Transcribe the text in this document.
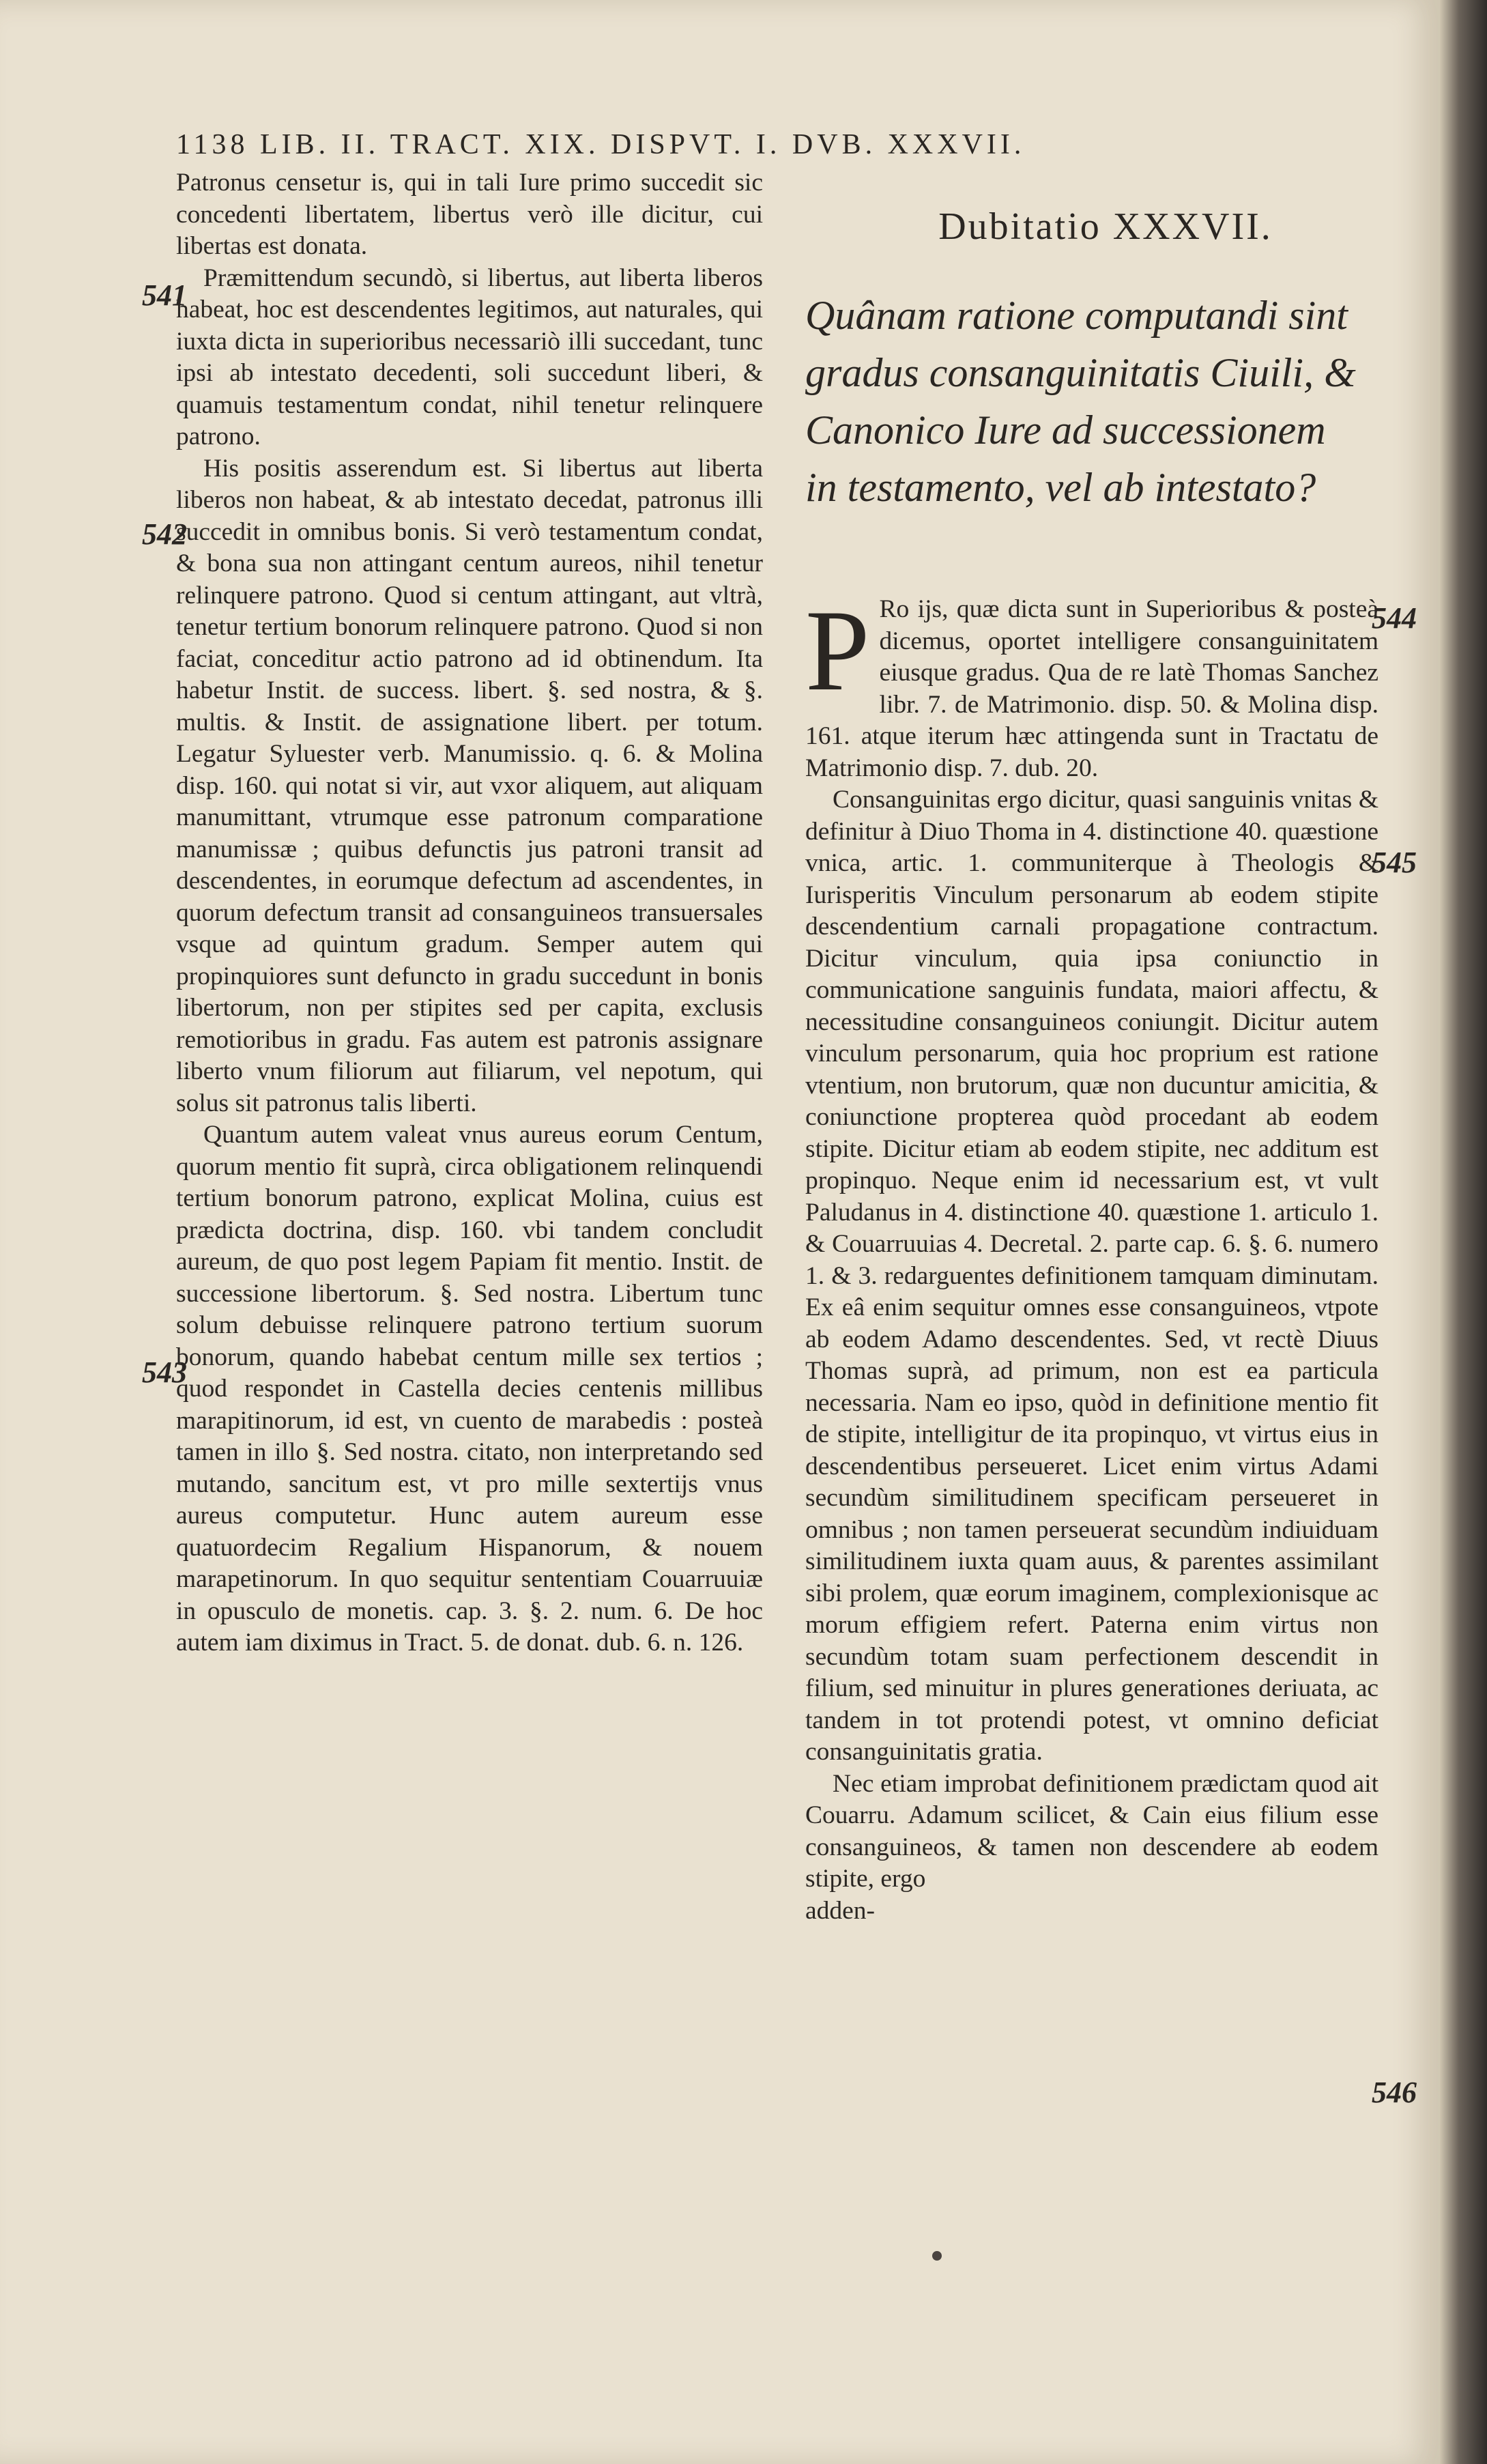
1138 LIB. II. TRACT. XIX. DISPVT. I. DVB. XXXVII.

Patronus censetur is, qui in tali Iure primo succedit sic concedenti libertatem, libertus verò ille dicitur, cui libertas est donata.

Præmittendum secundò, si libertus, aut liberta liberos habeat, hoc est descendentes legitimos, aut naturales, qui iuxta dicta in superioribus necessariò illi succedant, tunc ipsi ab intestato decedenti, soli succedunt liberi, & quamuis testamentum condat, nihil tenetur relinquere patrono.

His positis asserendum est. Si libertus aut liberta liberos non habeat, & ab intestato decedat, patronus illi succedit in omnibus bonis. Si verò testamentum condat, & bona sua non attingant centum aureos, nihil tenetur relinquere patrono. Quod si centum attingant, aut vltrà, tenetur tertium bonorum relinquere patrono. Quod si non faciat, conceditur actio patrono ad id obtinendum. Ita habetur Instit. de success. libert. §. sed nostra, & §. multis. & Instit. de assignatione libert. per totum. Legatur Syluester verb. Manumissio. q. 6. & Molina disp. 160. qui notat si vir, aut vxor aliquem, aut aliquam manumittant, vtrumque esse patronum comparatione manumissæ ; quibus defunctis jus patroni transit ad descendentes, in eorumque defectum ad ascendentes, in quorum defectum transit ad consanguineos transuersales vsque ad quintum gradum. Semper autem qui propinquiores sunt defuncto in gradu succedunt in bonis libertorum, non per stipites sed per capita, exclusis remotioribus in gradu. Fas autem est patronis assignare liberto vnum filiorum aut filiarum, vel nepotum, qui solus sit patronus talis liberti.

Quantum autem valeat vnus aureus eorum Centum, quorum mentio fit suprà, circa obligationem relinquendi tertium bonorum patrono, explicat Molina, cuius est prædicta doctrina, disp. 160. vbi tandem concludit aureum, de quo post legem Papiam fit mentio. Instit. de successione libertorum. §. Sed nostra. Libertum tunc solum debuisse relinquere patrono tertium suorum bonorum, quando habebat centum mille sex tertios ; quod respondet in Castella decies centenis millibus marapitinorum, id est, vn cuento de marabedis : posteà tamen in illo §. Sed nostra. citato, non interpretando sed mutando, sancitum est, vt pro mille sextertijs vnus aureus computetur. Hunc autem aureum esse quatuordecim Regalium Hispanorum, & nouem marapetinorum. In quo sequitur sententiam Couarruuiæ in opusculo de monetis. cap. 3. §. 2. num. 6. De hoc autem iam diximus in Tract. 5. de donat. dub. 6. n. 126.

541
542
543
Dubitatio XXXVII.
Quânam ratione computandi sint gradus consanguinitatis Ciuili, & Canonico Iure ad successionem in testamento, vel ab intestato?

P Ro ijs, quæ dicta sunt in Superioribus & posteà dicemus, oportet intelligere consanguinitatem eiusque gradus. Qua de re latè Thomas Sanchez libr. 7. de Matrimonio. disp. 50. & Molina disp. 161. atque iterum hæc attingenda sunt in Tractatu de Matrimonio disp. 7. dub. 20.

Consanguinitas ergo dicitur, quasi sanguinis vnitas & definitur à Diuo Thoma in 4. distinctione 40. quæstione vnica, artic. 1. communiterque à Theologis & Iurisperitis Vinculum personarum ab eodem stipite descendentium carnali propagatione contractum. Dicitur vinculum, quia ipsa coniunctio in communicatione sanguinis fundata, maiori affectu, & necessitudine consanguineos coniungit. Dicitur autem vinculum personarum, quia hoc proprium est ratione vtentium, non brutorum, quæ non ducuntur amicitia, & coniunctione propterea quòd procedant ab eodem stipite. Dicitur etiam ab eodem stipite, nec additum est propinquo. Neque enim id necessarium est, vt vult Paludanus in 4. distinctione 40. quæstione 1. articulo 1. & Couarruuias 4. Decretal. 2. parte cap. 6. §. 6. numero 1. & 3. redarguentes definitionem tamquam diminutam. Ex eâ enim sequitur omnes esse consanguineos, vtpote ab eodem Adamo descendentes. Sed, vt rectè Diuus Thomas suprà, ad primum, non est ea particula necessaria. Nam eo ipso, quòd in definitione mentio fit de stipite, intelligitur de ita propinquo, vt virtus eius in descendentibus perseueret. Licet enim virtus Adami secundùm similitudinem specificam perseueret in omnibus ; non tamen perseuerat secundùm indiuiduam similitudinem iuxta quam auus, & parentes assimilant sibi prolem, quæ eorum imaginem, complexionisque ac morum effigiem refert. Paterna enim virtus non secundùm totam suam perfectionem descendit in filium, sed minuitur in plures generationes deriuata, ac tandem in tot protendi potest, vt omnino deficiat consanguinitatis gratia.

Nec etiam improbat definitionem prædictam quod ait Couarru. Adamum scilicet, & Cain eius filium esse consanguineos, & tamen non descendere ab eodem stipite, ergo

adden-

544
545
546
